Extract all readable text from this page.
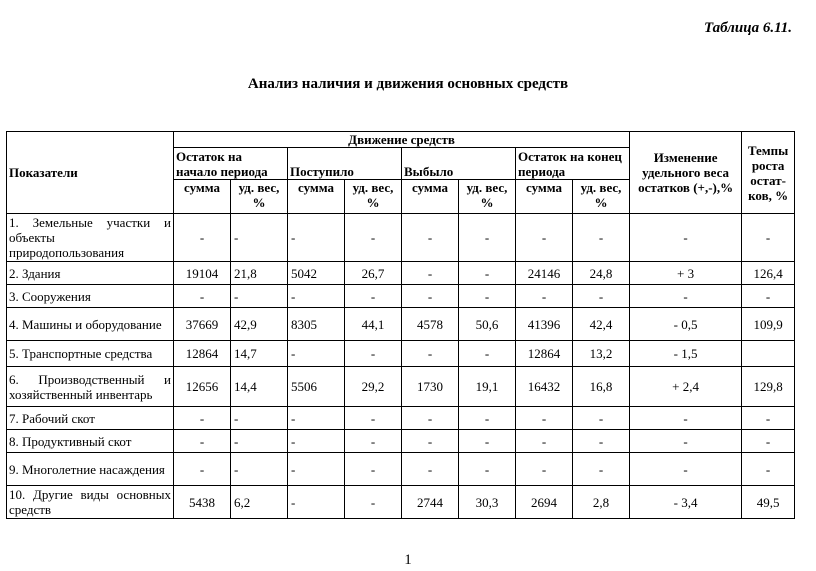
Таблица 6.11.
Анализ наличия и движения основных средств
Показатели	Движение средств								Изменение удельного веса остатков (+,-),%	Темпы роста остат-ков, %
	Остаток на начало периода		Поступило		Выбыло		Остаток на конец периода			
	сумма	уд. вес, %	сумма	уд. вес, %	сумма	уд. вес, %	сумма	уд. вес, %		
1. Земельные участки и объекты природопользования	-	-	-	-	-	-	-	-	-	-
2. Здания	19104	21,8	5042	26,7	-	-	24146	24,8	+ 3	126,4
3. Сооружения	-	-	-	-	-	-	-	-	-	-
4. Машины и оборудование	37669	42,9	8305	44,1	4578	50,6	41396	42,4	- 0,5	109,9
5. Транспортные средства	12864	14,7	-	-	-	-	12864	13,2	- 1,5	
6. Производственный и хозяйственный инвентарь	12656	14,4	5506	29,2	1730	19,1	16432	16,8	+ 2,4	129,8
7. Рабочий скот	-	-	-	-	-	-	-	-	-	-
8. Продуктивный скот	-	-	-	-	-	-	-	-	-	-
9. Многолетние насаждения	-	-	-	-	-	-	-	-	-	-
10. Другие виды основных средств	5438	6,2	-	-	2744	30,3	2694	2,8	- 3,4	49,5
1
